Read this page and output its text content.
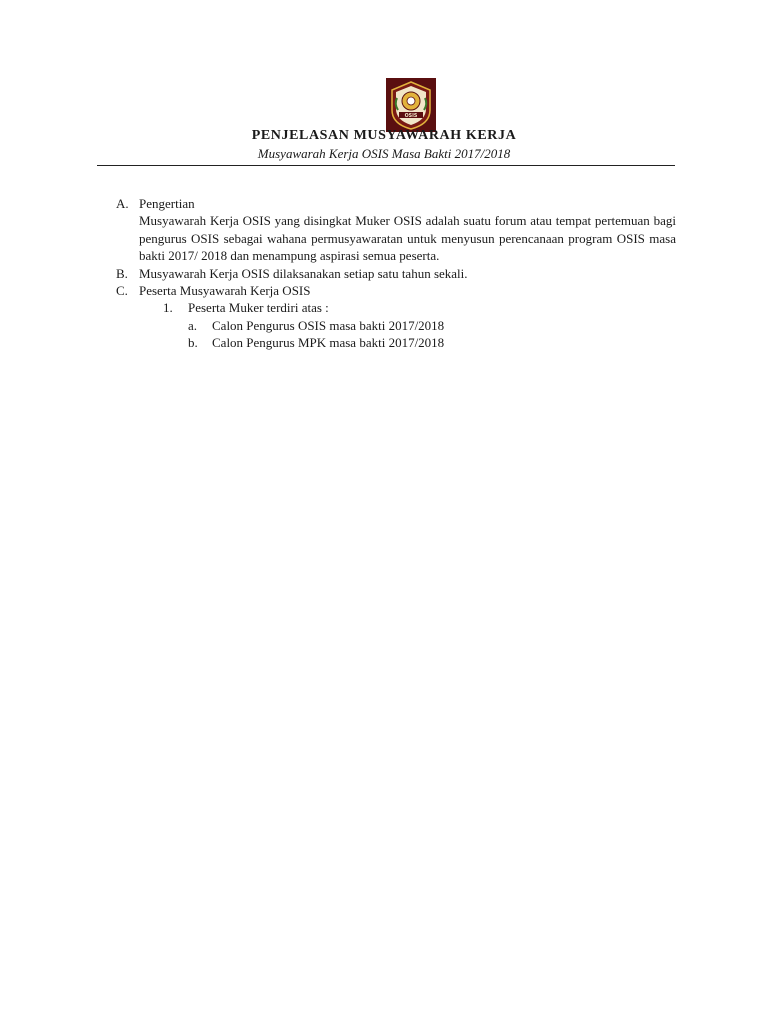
OSIS
PENJELASAN MUSYAWARAH KERJA
Musyawarah Kerja OSIS Masa Bakti 2017/2018
A. Pengertian
Musyawarah Kerja OSIS yang disingkat Muker OSIS adalah suatu forum atau tempat pertemuan bagi pengurus OSIS sebagai wahana permusyawaratan untuk menyusun perencanaan program OSIS masa bakti 2017/ 2018 dan menampung aspirasi semua peserta.
B. Musyawarah Kerja OSIS dilaksanakan setiap satu tahun sekali.
C. Peserta Musyawarah Kerja OSIS
1.	Peserta Muker terdiri atas :
a.	Calon Pengurus OSIS masa bakti 2017/2018
b.	Calon Pengurus MPK masa bakti 2017/2018
